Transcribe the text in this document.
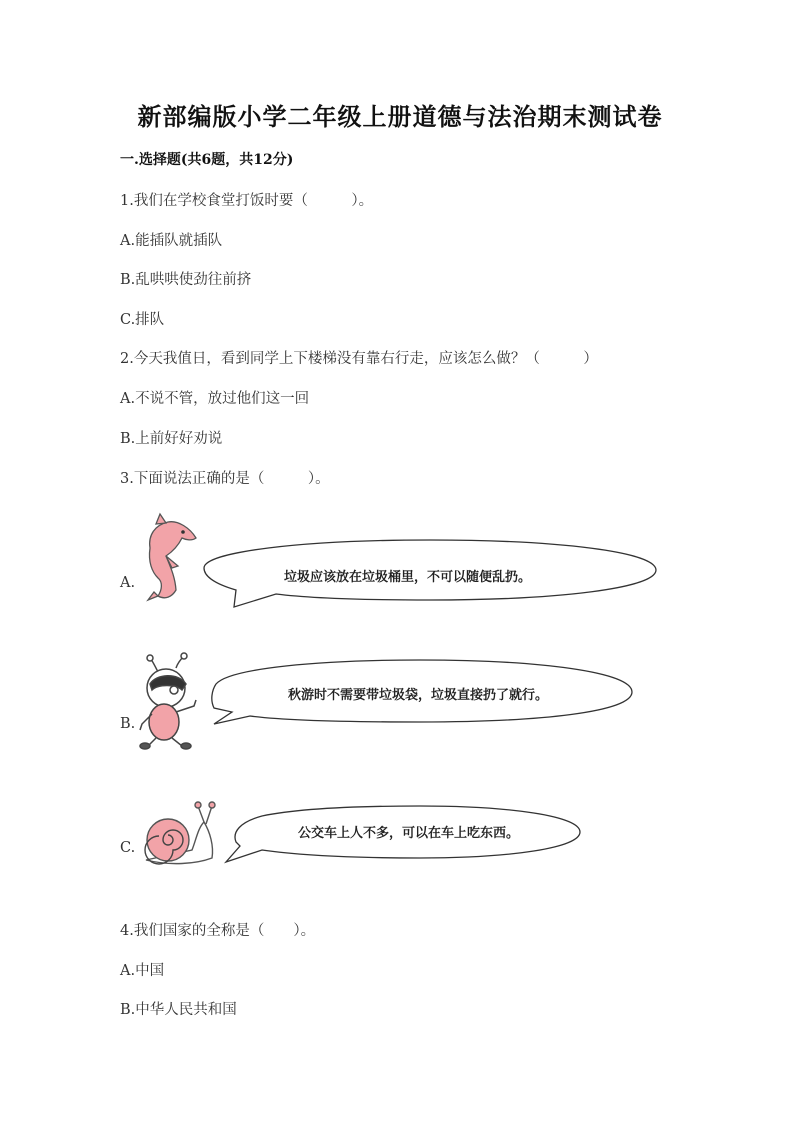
新部编版小学二年级上册道德与法治期末测试卷
一.选择题(共6题，共12分)
1.我们在学校食堂打饭时要（　　　）。
A.能插队就插队
B.乱哄哄使劲往前挤
C.排队
2.今天我值日，看到同学上下楼梯没有靠右行走，应该怎么做？（　　　）
A.不说不管，放过他们这一回
B.上前好好劝说
3.下面说法正确的是（　　　）。
A.	垃圾应该放在垃圾桶里，不可以随便乱扔。
B.
秋游时不需要带垃圾袋，垃圾直接扔了就行。
C.
公交车上人不多，可以在车上吃东西。
4.我们国家的全称是（　　）。
A.中国
B.中华人民共和国
